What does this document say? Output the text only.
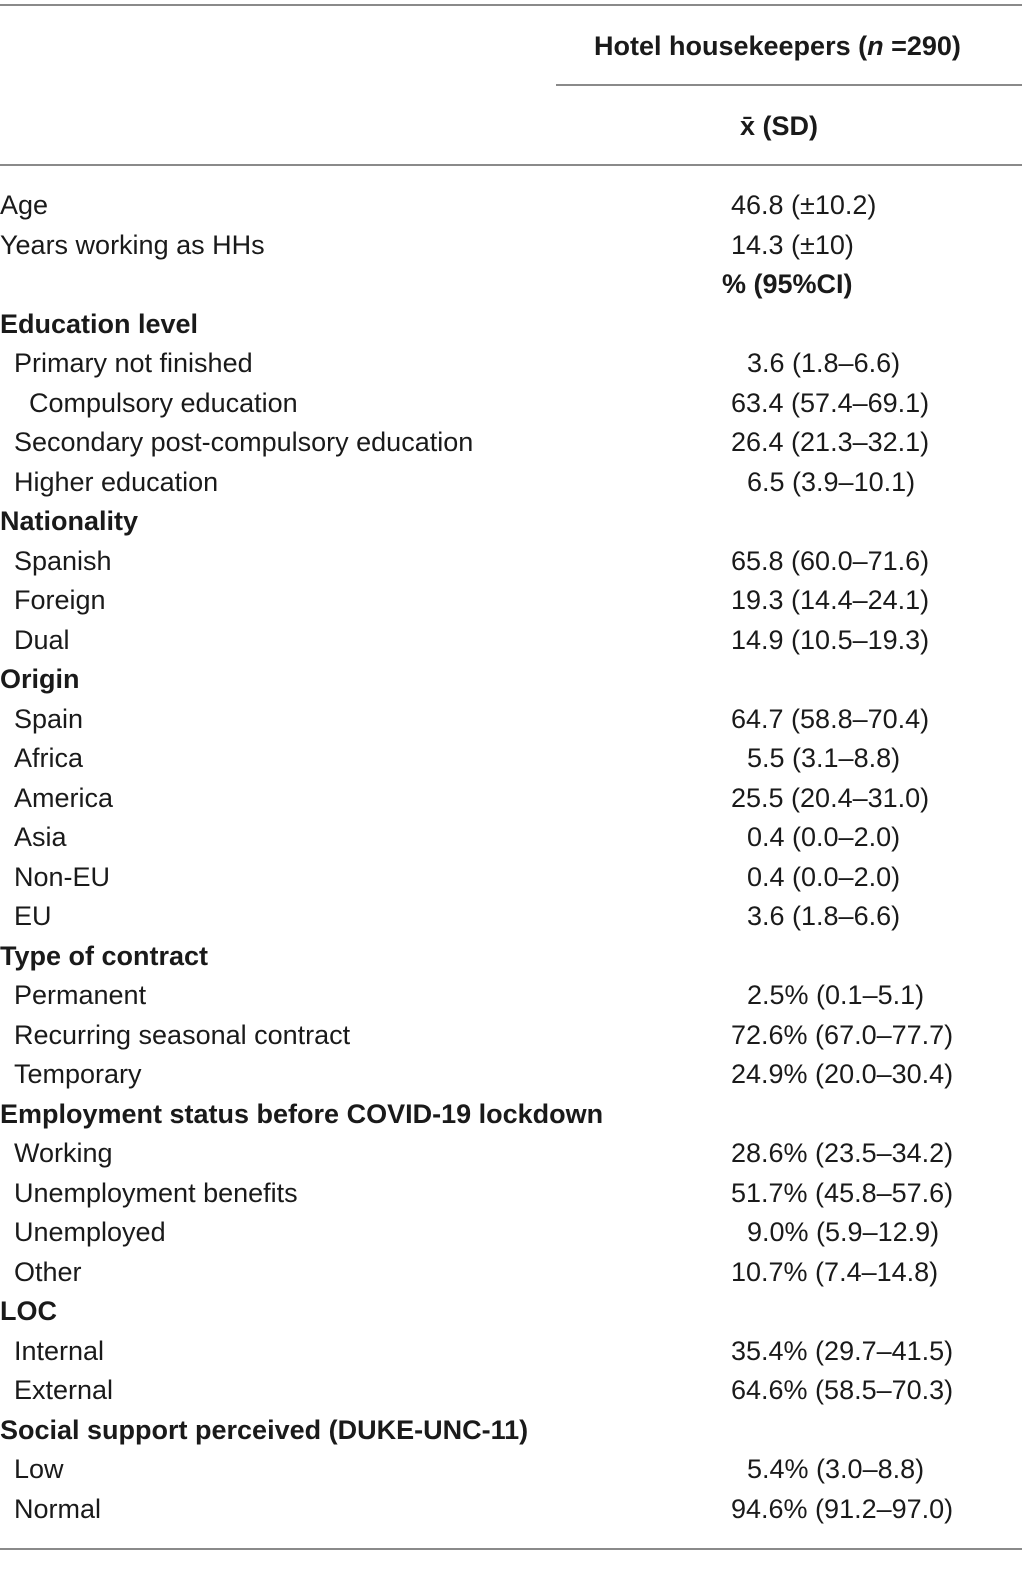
Hotel housekeepers (n =290)
x̄ (SD)
Age	46.8 (±10.2)
Years working as HHs	14.3 (±10)
% (95%CI)
Education level
Primary not finished	3.6 (1.8–6.6)
Compulsory education	63.4 (57.4–69.1)
Secondary post-compulsory education	26.4 (21.3–32.1)
Higher education	6.5 (3.9–10.1)
Nationality
Spanish	65.8 (60.0–71.6)
Foreign	19.3 (14.4–24.1)
Dual	14.9 (10.5–19.3)
Origin
Spain	64.7 (58.8–70.4)
Africa	5.5 (3.1–8.8)
America	25.5 (20.4–31.0)
Asia	0.4 (0.0–2.0)
Non-EU	0.4 (0.0–2.0)
EU	3.6 (1.8–6.6)
Type of contract
Permanent	2.5% (0.1–5.1)
Recurring seasonal contract	72.6% (67.0–77.7)
Temporary	24.9% (20.0–30.4)
Employment status before COVID-19 lockdown
Working	28.6% (23.5–34.2)
Unemployment benefits	51.7% (45.8–57.6)
Unemployed	9.0% (5.9–12.9)
Other	10.7% (7.4–14.8)
LOC
Internal	35.4% (29.7–41.5)
External	64.6% (58.5–70.3)
Social support perceived (DUKE-UNC-11)
Low	5.4% (3.0–8.8)
Normal	94.6% (91.2–97.0)
